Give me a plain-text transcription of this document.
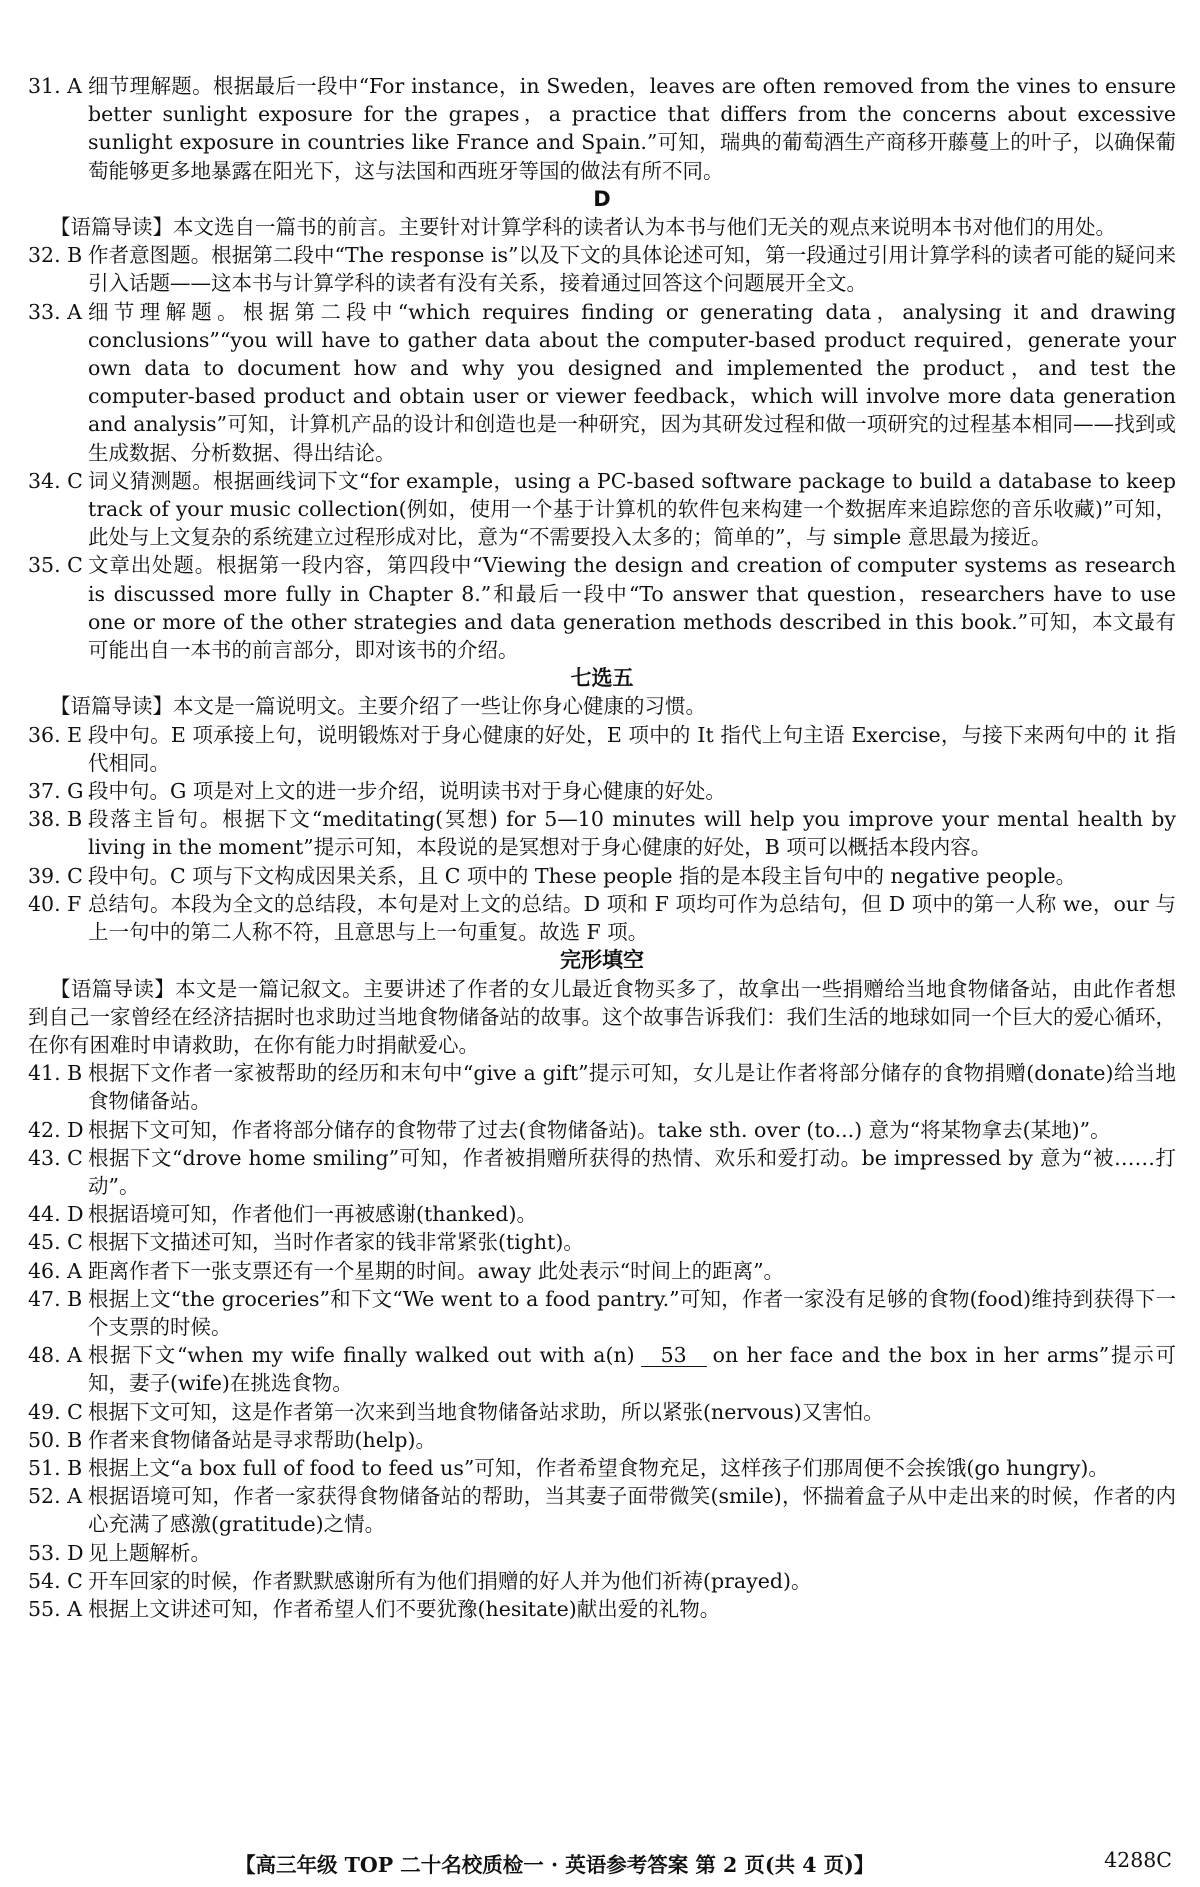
31. A 细节理解题。根据最后一段中“For instance，in Sweden，leaves are often removed from the vines to ensure better sunlight exposure for the grapes，a practice that differs from the concerns about excessive sunlight exposure in countries like France and Spain.”可知，瑞典的葡萄酒生产商移开藤蔓上的叶子，以确保葡萄能够更多地暴露在阳光下，这与法国和西班牙等国的做法有所不同。
D
【语篇导读】本文选自一篇书的前言。主要针对计算学科的读者认为本书与他们无关的观点来说明本书对他们的用处。
32. B 作者意图题。根据第二段中“The response is”以及下文的具体论述可知，第一段通过引用计算学科的读者可能的疑问来引入话题——这本书与计算学科的读者有没有关系，接着通过回答这个问题展开全文。
33. A 细节理解题。根据第二段中“which requires finding or generating data，analysing it and drawing conclusions”“you will have to gather data about the computer-based product required，generate your own data to document how and why you designed and implemented the product，and test the computer-based product and obtain user or viewer feedback，which will involve more data generation and analysis”可知，计算机产品的设计和创造也是一种研究，因为其研发过程和做一项研究的过程基本相同——找到或生成数据、分析数据、得出结论。
34. C 词义猜测题。根据画线词下文“for example，using a PC-based software package to build a database to keep track of your music collection(例如，使用一个基于计算机的软件包来构建一个数据库来追踪您的音乐收藏)”可知，此处与上文复杂的系统建立过程形成对比，意为“不需要投入太多的；简单的”，与 simple 意思最为接近。
35. C 文章出处题。根据第一段内容，第四段中“Viewing the design and creation of computer systems as research is discussed more fully in Chapter 8.”和最后一段中“To answer that question，researchers have to use one or more of the other strategies and data generation methods described in this book.”可知，本文最有可能出自一本书的前言部分，即对该书的介绍。
七选五
【语篇导读】本文是一篇说明文。主要介绍了一些让你身心健康的习惯。
36. E 段中句。E 项承接上句，说明锻炼对于身心健康的好处，E 项中的 It 指代上句主语 Exercise，与接下来两句中的 it 指代相同。
37. G 段中句。G 项是对上文的进一步介绍，说明读书对于身心健康的好处。
38. B 段落主旨句。根据下文“meditating(冥想) for 5—10 minutes will help you improve your mental health by living in the moment”提示可知，本段说的是冥想对于身心健康的好处，B 项可以概括本段内容。
39. C 段中句。C 项与下文构成因果关系，且 C 项中的 These people 指的是本段主旨句中的 negative people。
40. F 总结句。本段为全文的总结段，本句是对上文的总结。D 项和 F 项均可作为总结句，但 D 项中的第一人称 we，our 与上一句中的第二人称不符，且意思与上一句重复。故选 F 项。
完形填空
【语篇导读】本文是一篇记叙文。主要讲述了作者的女儿最近食物买多了，故拿出一些捐赠给当地食物储备站，由此作者想到自己一家曾经在经济拮据时也求助过当地食物储备站的故事。这个故事告诉我们：我们生活的地球如同一个巨大的爱心循环，在你有困难时申请救助，在你有能力时捐献爱心。
41. B 根据下文作者一家被帮助的经历和末句中“give a gift”提示可知，女儿是让作者将部分储存的食物捐赠(donate)给当地食物储备站。
42. D 根据下文可知，作者将部分储存的食物带了过去(食物储备站)。take sth. over (to...) 意为“将某物拿去(某地)”。
43. C 根据下文“drove home smiling”可知，作者被捐赠所获得的热情、欢乐和爱打动。be impressed by 意为“被……打动”。
44. D 根据语境可知，作者他们一再被感谢(thanked)。
45. C 根据下文描述可知，当时作者家的钱非常紧张(tight)。
46. A 距离作者下一张支票还有一个星期的时间。away 此处表示“时间上的距离”。
47. B 根据上文“the groceries”和下文“We went to a food pantry.”可知，作者一家没有足够的食物(food)维持到获得下一个支票的时候。
48. A 根据下文“when my wife finally walked out with a(n) 53 on her face and the box in her arms”提示可知，妻子(wife)在挑选食物。
49. C 根据下文可知，这是作者第一次来到当地食物储备站求助，所以紧张(nervous)又害怕。
50. B 作者来食物储备站是寻求帮助(help)。
51. B 根据上文“a box full of food to feed us”可知，作者希望食物充足，这样孩子们那周便不会挨饿(go hungry)。
52. A 根据语境可知，作者一家获得食物储备站的帮助，当其妻子面带微笑(smile)，怀揣着盒子从中走出来的时候，作者的内心充满了感激(gratitude)之情。
53. D 见上题解析。
54. C 开车回家的时候，作者默默感谢所有为他们捐赠的好人并为他们祈祷(prayed)。
55. A 根据上文讲述可知，作者希望人们不要犹豫(hesitate)献出爱的礼物。
【高三年级 TOP 二十名校质检一 · 英语参考答案 第 2 页(共 4 页)】	4288C
